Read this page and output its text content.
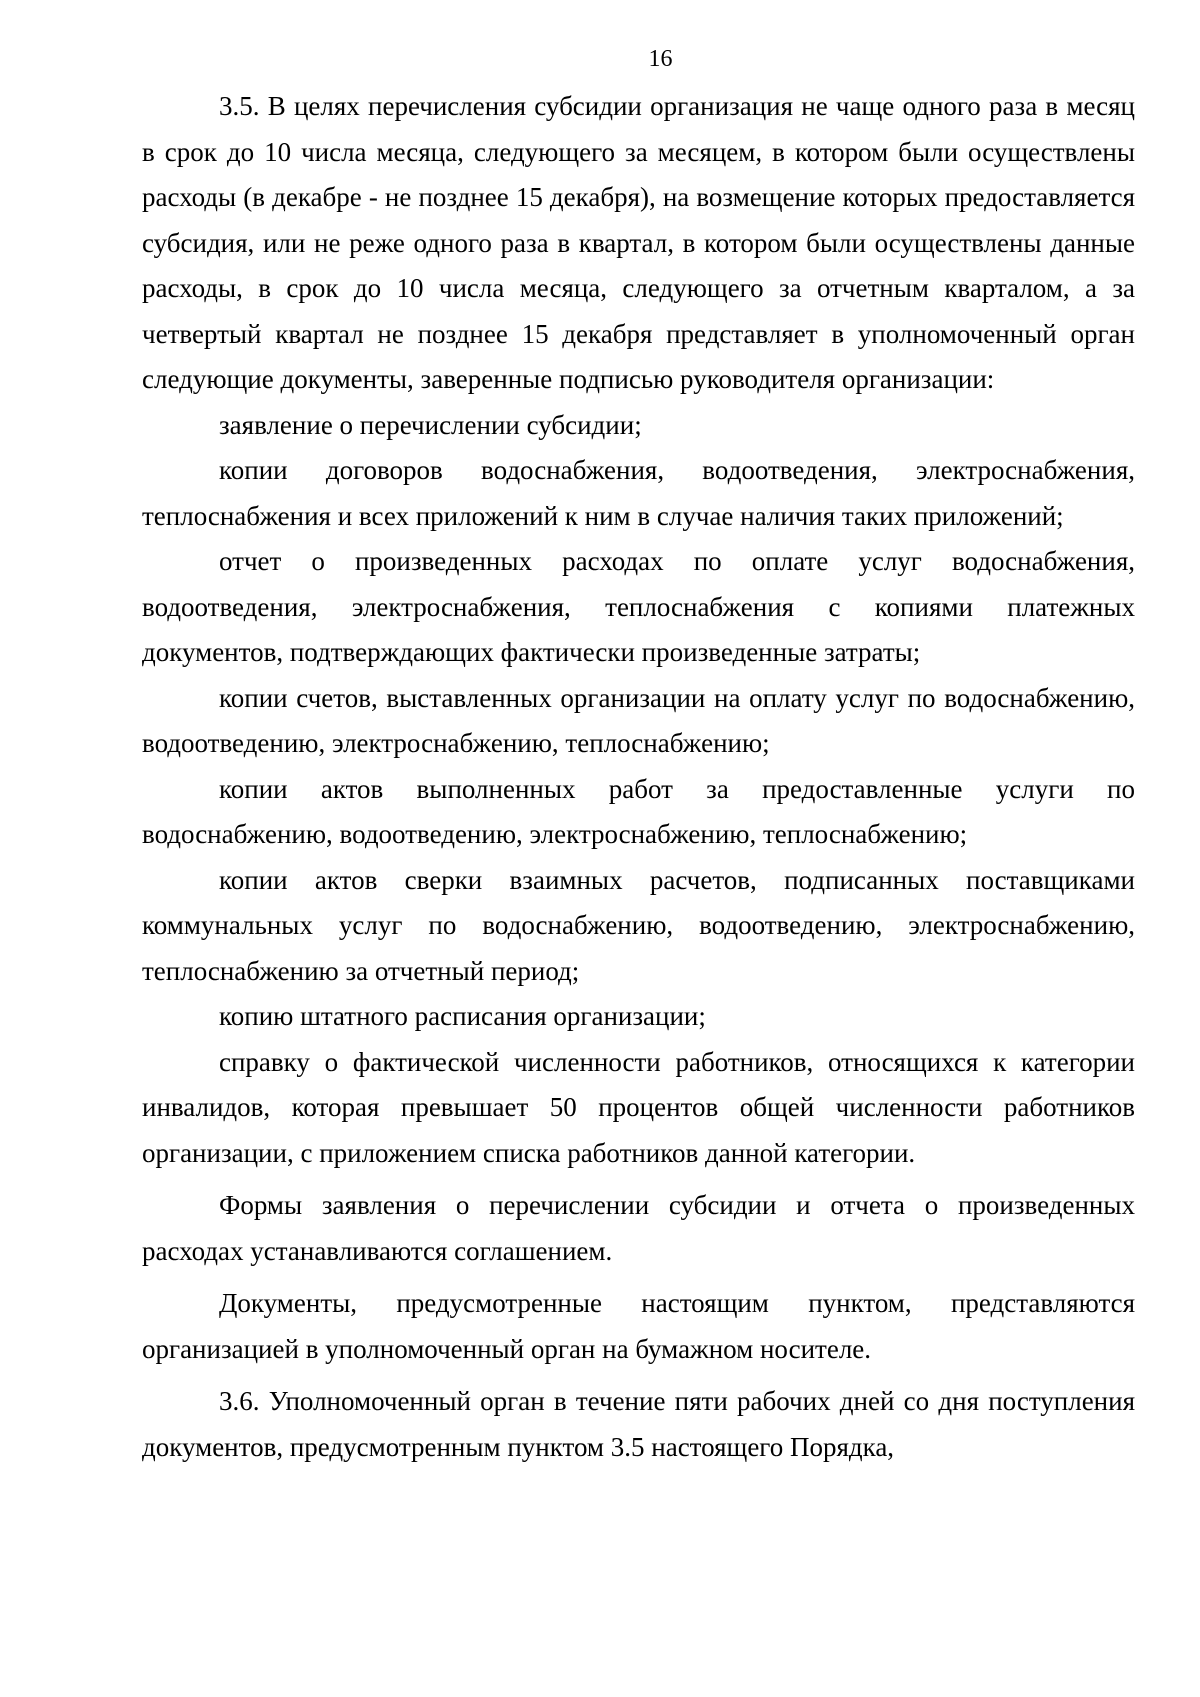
16

3.5. В целях перечисления субсидии организация не чаще одного раза в месяц в срок до 10 числа месяца, следующего за месяцем, в котором были осуществлены расходы (в декабре - не позднее 15 декабря), на возмещение которых предоставляется субсидия, или не реже одного раза в квартал, в котором были осуществлены данные расходы, в срок до 10 числа месяца, следующего за отчетным кварталом, а за четвертый квартал не позднее 15 декабря представляет в уполномоченный орган следующие документы, заверенные подписью руководителя организации:

заявление о перечислении субсидии;

копии договоров водоснабжения, водоотведения, электроснабжения, теплоснабжения и всех приложений к ним в случае наличия таких приложений;

отчет о произведенных расходах по оплате услуг водоснабжения, водоотведения, электроснабжения, теплоснабжения с копиями платежных документов, подтверждающих фактически произведенные затраты;

копии счетов, выставленных организации на оплату услуг по водоснабжению, водоотведению, электроснабжению, теплоснабжению;

копии актов выполненных работ за предоставленные услуги по водоснабжению, водоотведению, электроснабжению, теплоснабжению;

копии актов сверки взаимных расчетов, подписанных поставщиками коммунальных услуг по водоснабжению, водоотведению, электроснабжению, теплоснабжению за отчетный период;

копию штатного расписания организации;

справку о фактической численности работников, относящихся к категории инвалидов, которая превышает 50 процентов общей численности работников организации, с приложением списка работников данной категории.

Формы заявления о перечислении субсидии и отчета о произведенных расходах устанавливаются соглашением.

Документы, предусмотренные настоящим пунктом, представляются организацией в уполномоченный орган на бумажном носителе.

3.6. Уполномоченный орган в течение пяти рабочих дней со дня поступления документов, предусмотренным пунктом 3.5 настоящего Порядка,
